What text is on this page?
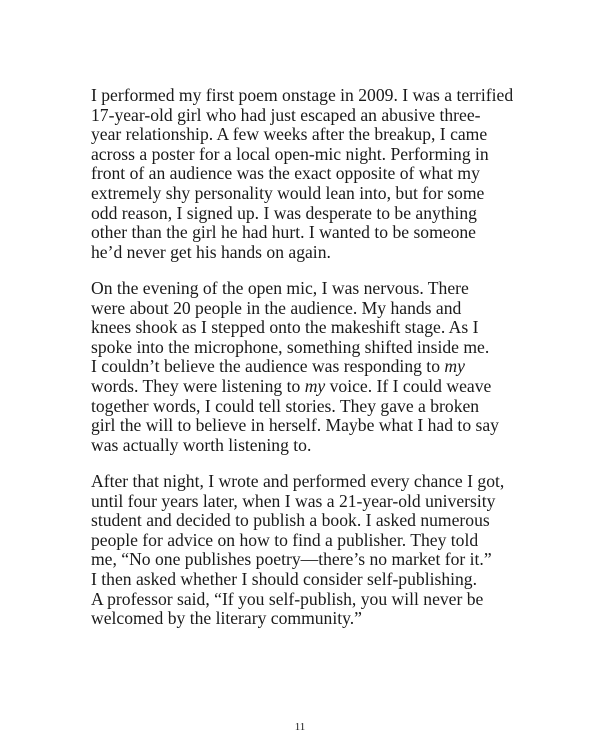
I performed my first poem onstage in 2009. I was a terrified
17-year-old girl who had just escaped an abusive three-
year relationship. A few weeks after the breakup, I came
across a poster for a local open-mic night. Performing in
front of an audience was the exact opposite of what my
extremely shy personality would lean into, but for some
odd reason, I signed up. I was desperate to be anything
other than the girl he had hurt. I wanted to be someone
he’d never get his hands on again.
On the evening of the open mic, I was nervous. There
were about 20 people in the audience. My hands and
knees shook as I stepped onto the makeshift stage. As I
spoke into the microphone, something shifted inside me.
I couldn’t believe the audience was responding to my
words. They were listening to my voice. If I could weave
together words, I could tell stories. They gave a broken
girl the will to believe in herself. Maybe what I had to say
was actually worth listening to.
After that night, I wrote and performed every chance I got,
until four years later, when I was a 21-year-old university
student and decided to publish a book. I asked numerous
people for advice on how to find a publisher. They told
me, “No one publishes poetry—there’s no market for it.”
I then asked whether I should consider self-publishing.
A professor said, “If you self-publish, you will never be
welcomed by the literary community.”
11
